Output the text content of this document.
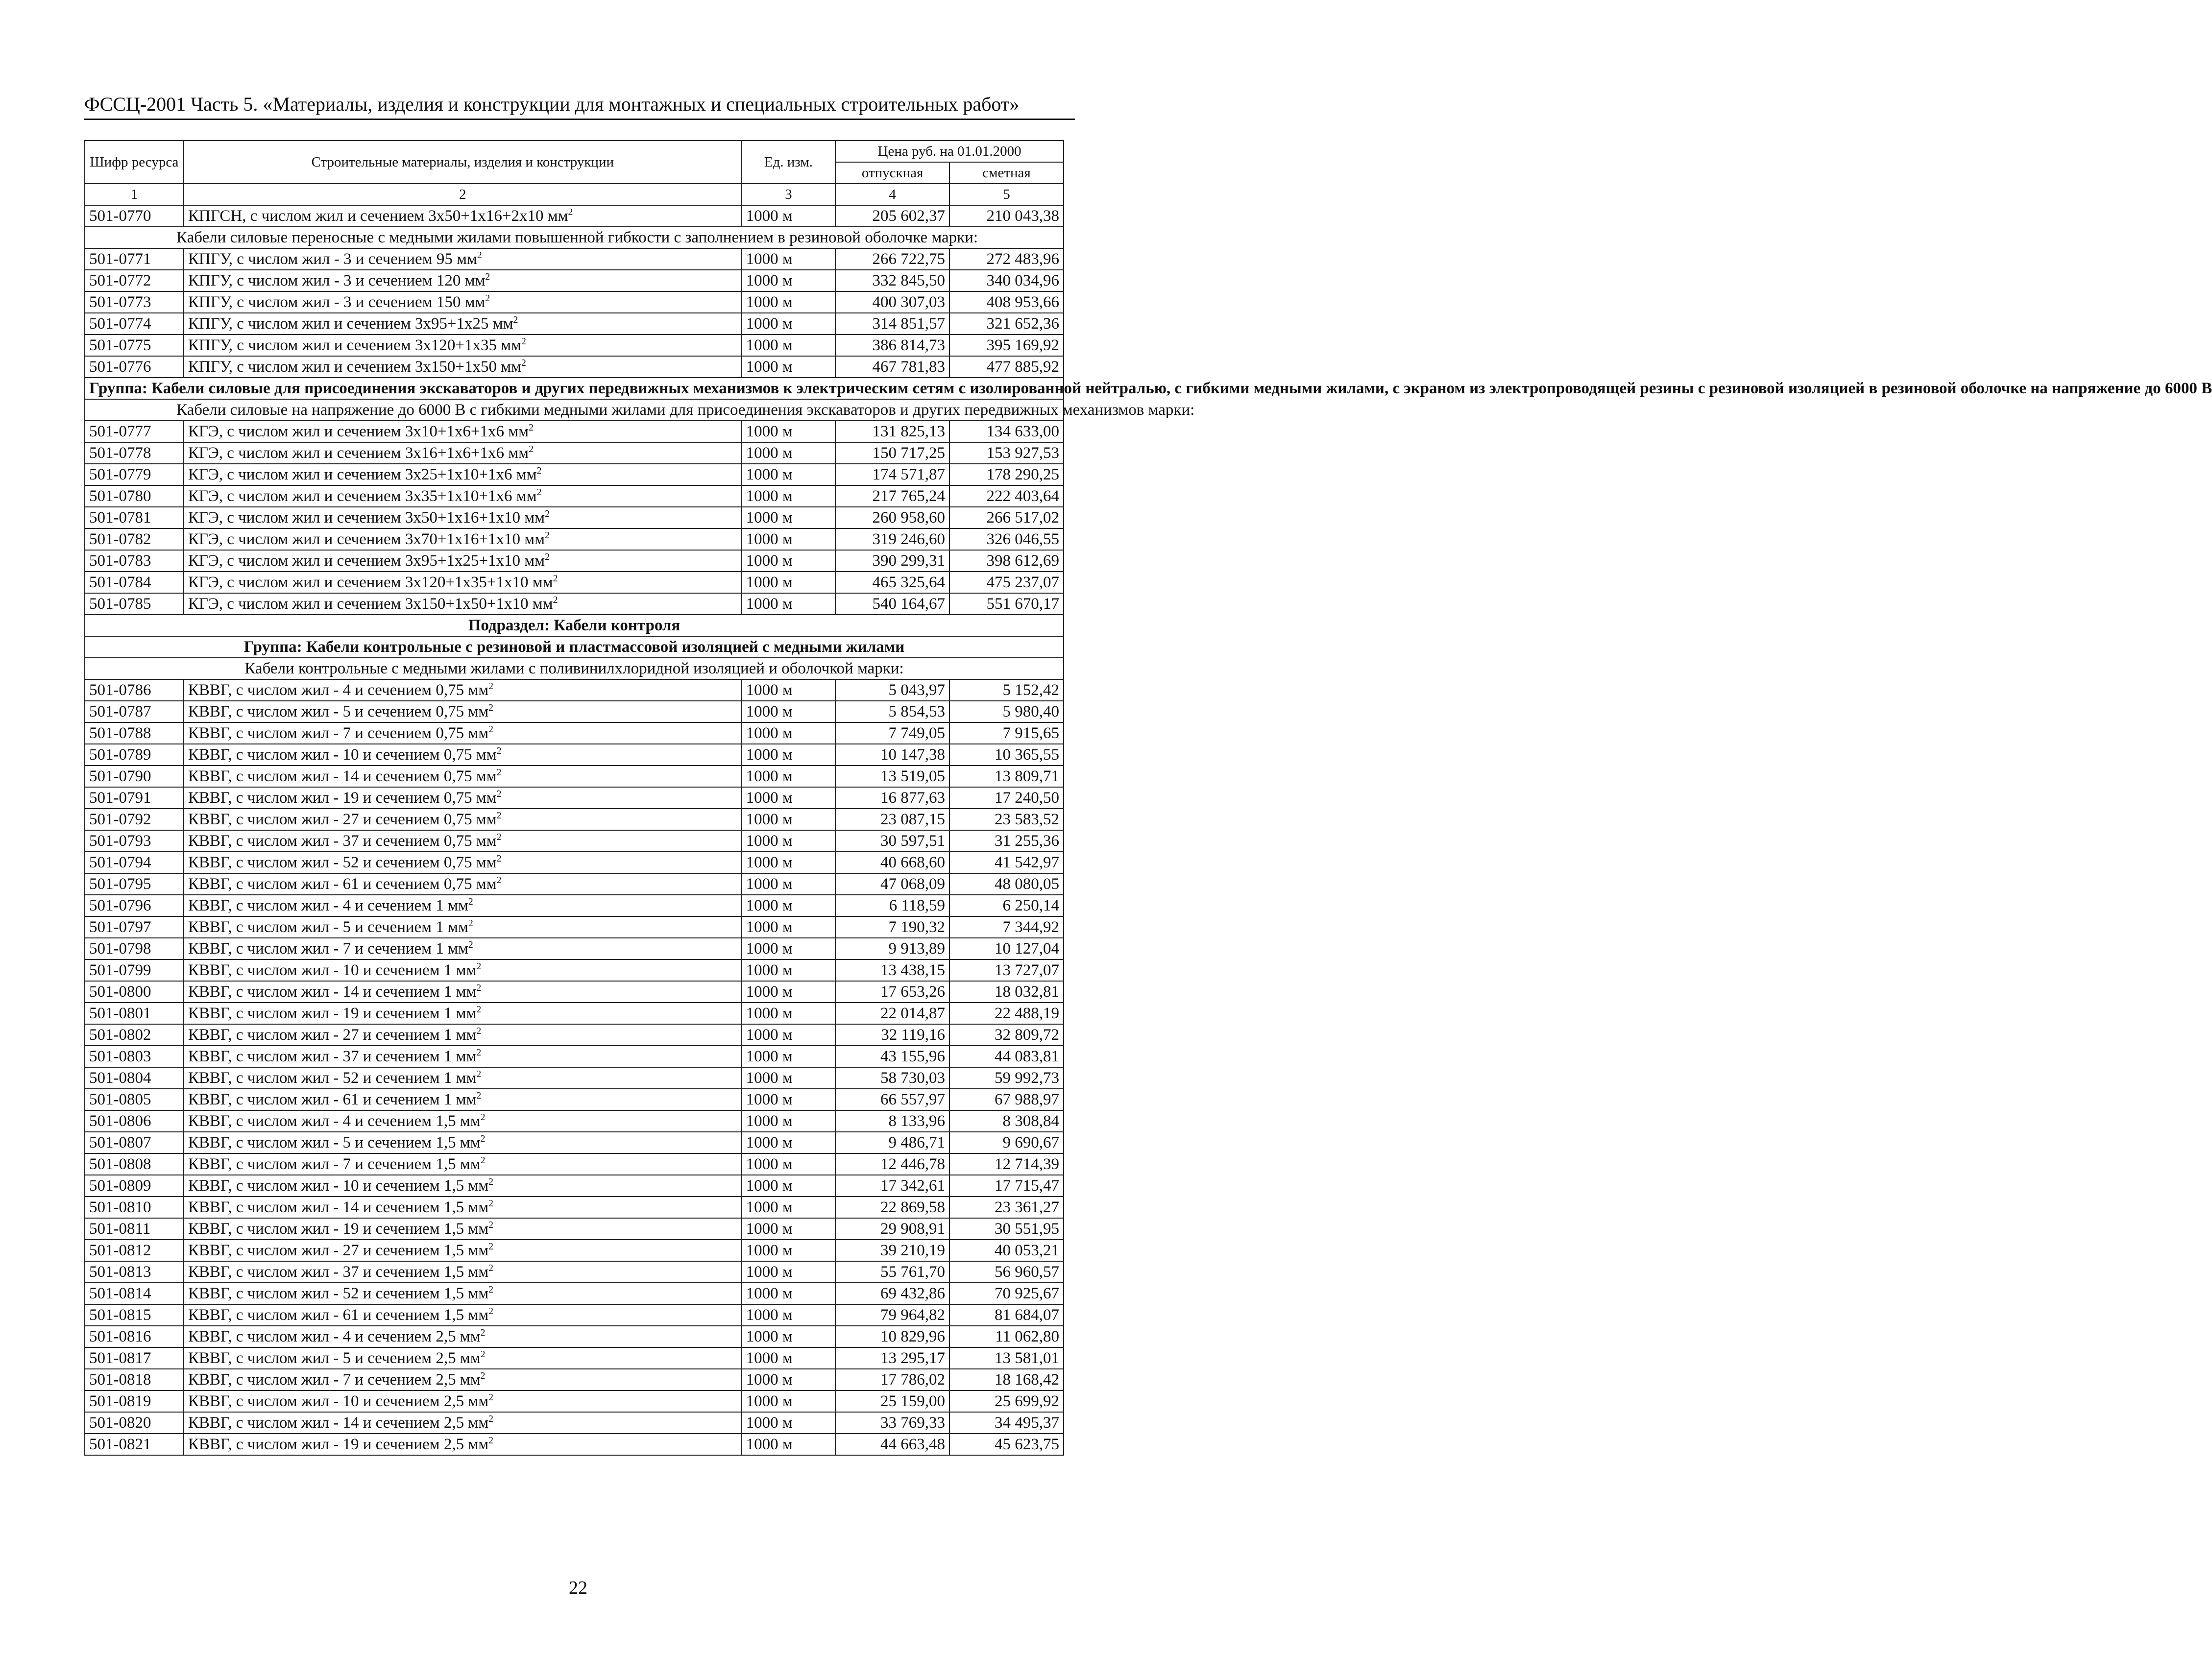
ФССЦ-2001 Часть 5. «Материалы, изделия и конструкции для монтажных и специальных строительных работ»
Шифр ресурса	Строительные материалы, изделия и конструкции	Ед. изм.	Цена руб. на 01.01.2000	
			отпускная	сметная
1	2	3	4	5
501-0770	КПГСН, с числом жил и сечением 3х50+1х16+2х10 $мм^2$	1000 м	205 602,37	210 043,38
Кабели силовые переносные с медными жилами повышенной гибкости с заполнением в резиновой оболочке марки:				
501-0771	КПГУ, с числом жил - 3 и сечением 95 $мм^2$	1000 м	266 722,75	272 483,96
501-0772	КПГУ, с числом жил - 3 и сечением 120 $мм^2$	1000 м	332 845,50	340 034,96
501-0773	КПГУ, с числом жил - 3 и сечением 150 $мм^2$	1000 м	400 307,03	408 953,66
501-0774	КПГУ, с числом жил и сечением 3х95+1х25 $мм^2$	1000 м	314 851,57	321 652,36
501-0775	КПГУ, с числом жил и сечением 3х120+1х35 $мм^2$	1000 м	386 814,73	395 169,92
501-0776	КПГУ, с числом жил и сечением 3х150+1х50 $мм^2$	1000 м	467 781,83	477 885,92
Группа: Кабели силовые для присоединения экскаваторов и других передвижных механизмов к электрическим сетям с изолированной нейтралью, с гибкими медными жилами, с экраном из электропроводящей резины с резиновой изоляцией в резиновой оболочке на напряжение до 6000 В				
Кабели силовые на напряжение до 6000 В с гибкими медными жилами для присоединения экскаваторов и других передвижных механизмов марки:				
501-0777	КГЭ, с числом жил и сечением 3х10+1х6+1х6 $мм^2$	1000 м	131 825,13	134 633,00
501-0778	КГЭ, с числом жил и сечением 3х16+1х6+1х6 $мм^2$	1000 м	150 717,25	153 927,53
501-0779	КГЭ, с числом жил и сечением 3х25+1х10+1х6 $мм^2$	1000 м	174 571,87	178 290,25
501-0780	КГЭ, с числом жил и сечением 3х35+1х10+1х6 $мм^2$	1000 м	217 765,24	222 403,64
501-0781	КГЭ, с числом жил и сечением 3х50+1х16+1х10 $мм^2$	1000 м	260 958,60	266 517,02
501-0782	КГЭ, с числом жил и сечением 3х70+1х16+1х10 $мм^2$	1000 м	319 246,60	326 046,55
501-0783	КГЭ, с числом жил и сечением 3х95+1х25+1х10 $мм^2$	1000 м	390 299,31	398 612,69
501-0784	КГЭ, с числом жил и сечением 3х120+1х35+1х10 $мм^2$	1000 м	465 325,64	475 237,07
501-0785	КГЭ, с числом жил и сечением 3х150+1х50+1х10 $мм^2$	1000 м	540 164,67	551 670,17
Подраздел: Кабели контроля				
Группа: Кабели контрольные с резиновой и пластмассовой изоляцией с медными жилами				
Кабели контрольные с медными жилами с поливинилхлоридной изоляцией и оболочкой марки:				
501-0786	КВВГ, с числом жил - 4 и сечением 0,75 $мм^2$	1000 м	5 043,97	5 152,42
501-0787	КВВГ, с числом жил - 5 и сечением 0,75 $мм^2$	1000 м	5 854,53	5 980,40
501-0788	КВВГ, с числом жил - 7 и сечением 0,75 $мм^2$	1000 м	7 749,05	7 915,65
501-0789	КВВГ, с числом жил - 10 и сечением 0,75 $мм^2$	1000 м	10 147,38	10 365,55
501-0790	КВВГ, с числом жил - 14 и сечением 0,75 $мм^2$	1000 м	13 519,05	13 809,71
501-0791	КВВГ, с числом жил - 19 и сечением 0,75 $мм^2$	1000 м	16 877,63	17 240,50
501-0792	КВВГ, с числом жил - 27 и сечением 0,75 $мм^2$	1000 м	23 087,15	23 583,52
501-0793	КВВГ, с числом жил - 37 и сечением 0,75 $мм^2$	1000 м	30 597,51	31 255,36
501-0794	КВВГ, с числом жил - 52 и сечением 0,75 $мм^2$	1000 м	40 668,60	41 542,97
501-0795	КВВГ, с числом жил - 61 и сечением 0,75 $мм^2$	1000 м	47 068,09	48 080,05
501-0796	КВВГ, с числом жил - 4 и сечением 1 $мм^2$	1000 м	6 118,59	6 250,14
501-0797	КВВГ, с числом жил - 5 и сечением 1 $мм^2$	1000 м	7 190,32	7 344,92
501-0798	КВВГ, с числом жил - 7 и сечением 1 $мм^2$	1000 м	9 913,89	10 127,04
501-0799	КВВГ, с числом жил - 10 и сечением 1 $мм^2$	1000 м	13 438,15	13 727,07
501-0800	КВВГ, с числом жил - 14 и сечением 1 $мм^2$	1000 м	17 653,26	18 032,81
501-0801	КВВГ, с числом жил - 19 и сечением 1 $мм^2$	1000 м	22 014,87	22 488,19
501-0802	КВВГ, с числом жил - 27 и сечением 1 $мм^2$	1000 м	32 119,16	32 809,72
501-0803	КВВГ, с числом жил - 37 и сечением 1 $мм^2$	1000 м	43 155,96	44 083,81
501-0804	КВВГ, с числом жил - 52 и сечением 1 $мм^2$	1000 м	58 730,03	59 992,73
501-0805	КВВГ, с числом жил - 61 и сечением 1 $мм^2$	1000 м	66 557,97	67 988,97
501-0806	КВВГ, с числом жил - 4 и сечением 1,5 $мм^2$	1000 м	8 133,96	8 308,84
501-0807	КВВГ, с числом жил - 5 и сечением 1,5 $мм^2$	1000 м	9 486,71	9 690,67
501-0808	КВВГ, с числом жил - 7 и сечением 1,5 $мм^2$	1000 м	12 446,78	12 714,39
501-0809	КВВГ, с числом жил - 10 и сечением 1,5 $мм^2$	1000 м	17 342,61	17 715,47
501-0810	КВВГ, с числом жил - 14 и сечением 1,5 $мм^2$	1000 м	22 869,58	23 361,27
501-0811	КВВГ, с числом жил - 19 и сечением 1,5 $мм^2$	1000 м	29 908,91	30 551,95
501-0812	КВВГ, с числом жил - 27 и сечением 1,5 $мм^2$	1000 м	39 210,19	40 053,21
501-0813	КВВГ, с числом жил - 37 и сечением 1,5 $мм^2$	1000 м	55 761,70	56 960,57
501-0814	КВВГ, с числом жил - 52 и сечением 1,5 $мм^2$	1000 м	69 432,86	70 925,67
501-0815	КВВГ, с числом жил - 61 и сечением 1,5 $мм^2$	1000 м	79 964,82	81 684,07
501-0816	КВВГ, с числом жил - 4 и сечением 2,5 $мм^2$	1000 м	10 829,96	11 062,80
501-0817	КВВГ, с числом жил - 5 и сечением 2,5 $мм^2$	1000 м	13 295,17	13 581,01
501-0818	КВВГ, с числом жил - 7 и сечением 2,5 $мм^2$	1000 м	17 786,02	18 168,42
501-0819	КВВГ, с числом жил - 10 и сечением 2,5 $мм^2$	1000 м	25 159,00	25 699,92
501-0820	КВВГ, с числом жил - 14 и сечением 2,5 $мм^2$	1000 м	33 769,33	34 495,37
501-0821	КВВГ, с числом жил - 19 и сечением 2,5 $мм^2$	1000 м	44 663,48	45 623,75
22
